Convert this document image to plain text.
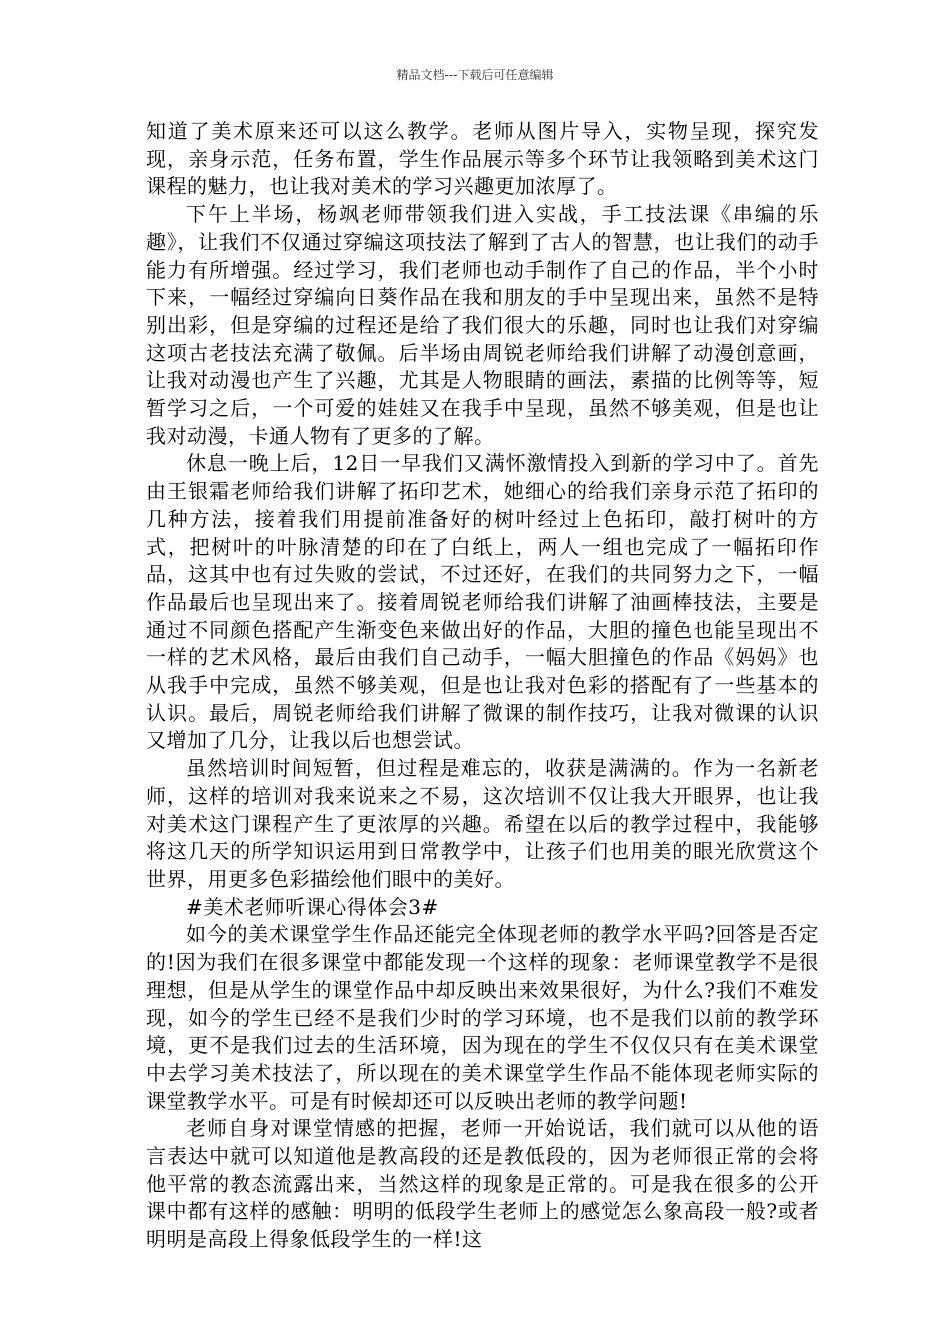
精品文档---下载后可任意编辑

知道了美术原来还可以这么教学。老师从图片导入，实物呈现，探究发现，亲身示范，任务布置，学生作品展示等多个环节让我领略到美术这门课程的魅力，也让我对美术的学习兴趣更加浓厚了。

下午上半场，杨飒老师带领我们进入实战，手工技法课《串编的乐趣》，让我们不仅通过穿编这项技法了解到了古人的智慧，也让我们的动手能力有所增强。经过学习，我们老师也动手制作了自己的作品，半个小时下来，一幅经过穿编向日葵作品在我和朋友的手中呈现出来，虽然不是特别出彩，但是穿编的过程还是给了我们很大的乐趣，同时也让我们对穿编这项古老技法充满了敬佩。后半场由周锐老师给我们讲解了动漫创意画，让我对动漫也产生了兴趣，尤其是人物眼睛的画法，素描的比例等等，短暂学习之后，一个可爱的娃娃又在我手中呈现，虽然不够美观，但是也让我对动漫，卡通人物有了更多的了解。

休息一晚上后，12日一早我们又满怀激情投入到新的学习中了。首先由王银霜老师给我们讲解了拓印艺术，她细心的给我们亲身示范了拓印的几种方法，接着我们用提前准备好的树叶经过上色拓印，敲打树叶的方式，把树叶的叶脉清楚的印在了白纸上，两人一组也完成了一幅拓印作品，这其中也有过失败的尝试，不过还好，在我们的共同努力之下，一幅作品最后也呈现出来了。接着周锐老师给我们讲解了油画棒技法，主要是通过不同颜色搭配产生渐变色来做出好的作品，大胆的撞色也能呈现出不一样的艺术风格，最后由我们自己动手，一幅大胆撞色的作品《妈妈》也从我手中完成，虽然不够美观，但是也让我对色彩的搭配有了一些基本的认识。最后，周锐老师给我们讲解了微课的制作技巧，让我对微课的认识又增加了几分，让我以后也想尝试。

虽然培训时间短暂，但过程是难忘的，收获是满满的。作为一名新老师，这样的培训对我来说来之不易，这次培训不仅让我大开眼界，也让我对美术这门课程产生了更浓厚的兴趣。希望在以后的教学过程中，我能够将这几天的所学知识运用到日常教学中，让孩子们也用美的眼光欣赏这个世界，用更多色彩描绘他们眼中的美好。

#美术老师听课心得体会3#

如今的美术课堂学生作品还能完全体现老师的教学水平吗?回答是否定的!因为我们在很多课堂中都能发现一个这样的现象：老师课堂教学不是很理想，但是从学生的课堂作品中却反映出来效果很好，为什么?我们不难发现，如今的学生已经不是我们少时的学习环境，也不是我们以前的教学环境，更不是我们过去的生活环境，因为现在的学生不仅仅只有在美术课堂中去学习美术技法了，所以现在的美术课堂学生作品不能体现老师实际的课堂教学水平。可是有时候却还可以反映出老师的教学问题!

老师自身对课堂情感的把握，老师一开始说话，我们就可以从他的语言表达中就可以知道他是教高段的还是教低段的，因为老师很正常的会将他平常的教态流露出来，当然这样的现象是正常的。可是我在很多的公开课中都有这样的感触：明明的低段学生老师上的感觉怎么象高段一般?或者明明是高段上得象低段学生的一样!这
